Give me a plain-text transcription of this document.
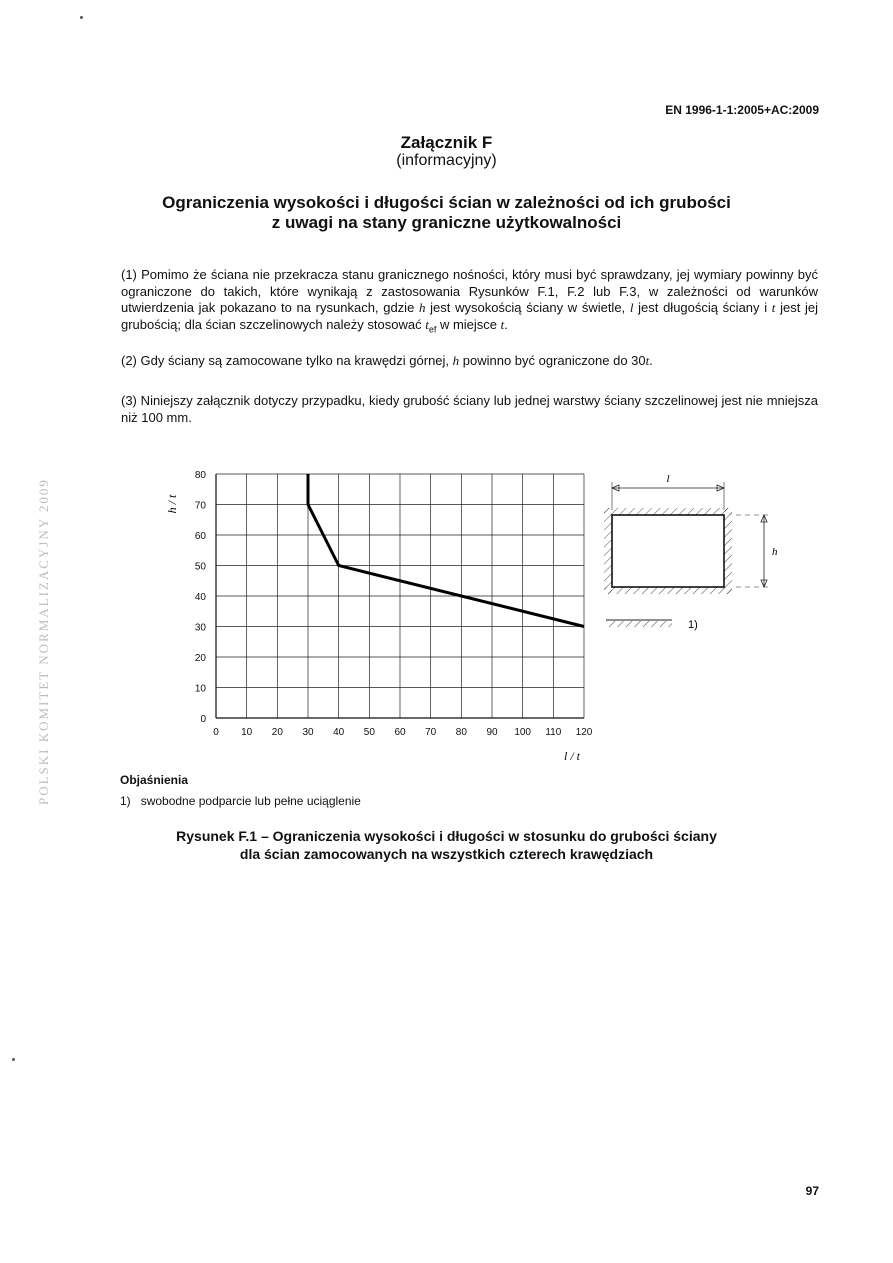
EN 1996-1-1:2005+AC:2009
Załącznik F
(informacyjny)
Ograniczenia wysokości i długości ścian w zależności od ich grubości
z uwagi na stany graniczne użytkowalności
(1) Pomimo że ściana nie przekracza stanu granicznego nośności, który musi być sprawdzany, jej wymiary powinny być ograniczone do takich, które wynikają z zastosowania Rysunków F.1, F.2 lub F.3, w zależności od warunków utwierdzenia jak pokazano to na rysunkach, gdzie h jest wysokością ściany w świetle, l jest długością ściany i t jest jej grubością; dla ścian szczelinowych należy stosować $t_{ef}$ w miejsce t.
(2) Gdy ściany są zamocowane tylko na krawędzi górnej, h powinno być ograniczone do 30t.
(3) Niniejszy załącznik dotyczy przypadku, kiedy grubość ściany lub jednej warstwy ściany szczelinowej jest nie mniejsza niż 100 mm.
POLSKI KOMITET NORMALIZACYJNY 2009	0 10 20 30 40 50 60 70 80 90 100 110 120
0
10
20
30
40
50
60
70
80
h / t
l / t
l
h
1)
Objaśnienia
1) swobodne podparcie lub pełne uciąglenie
Rysunek F.1 – Ograniczenia wysokości i długości w stosunku do grubości ściany
dla ścian zamocowanych na wszystkich czterech krawędziach
97
